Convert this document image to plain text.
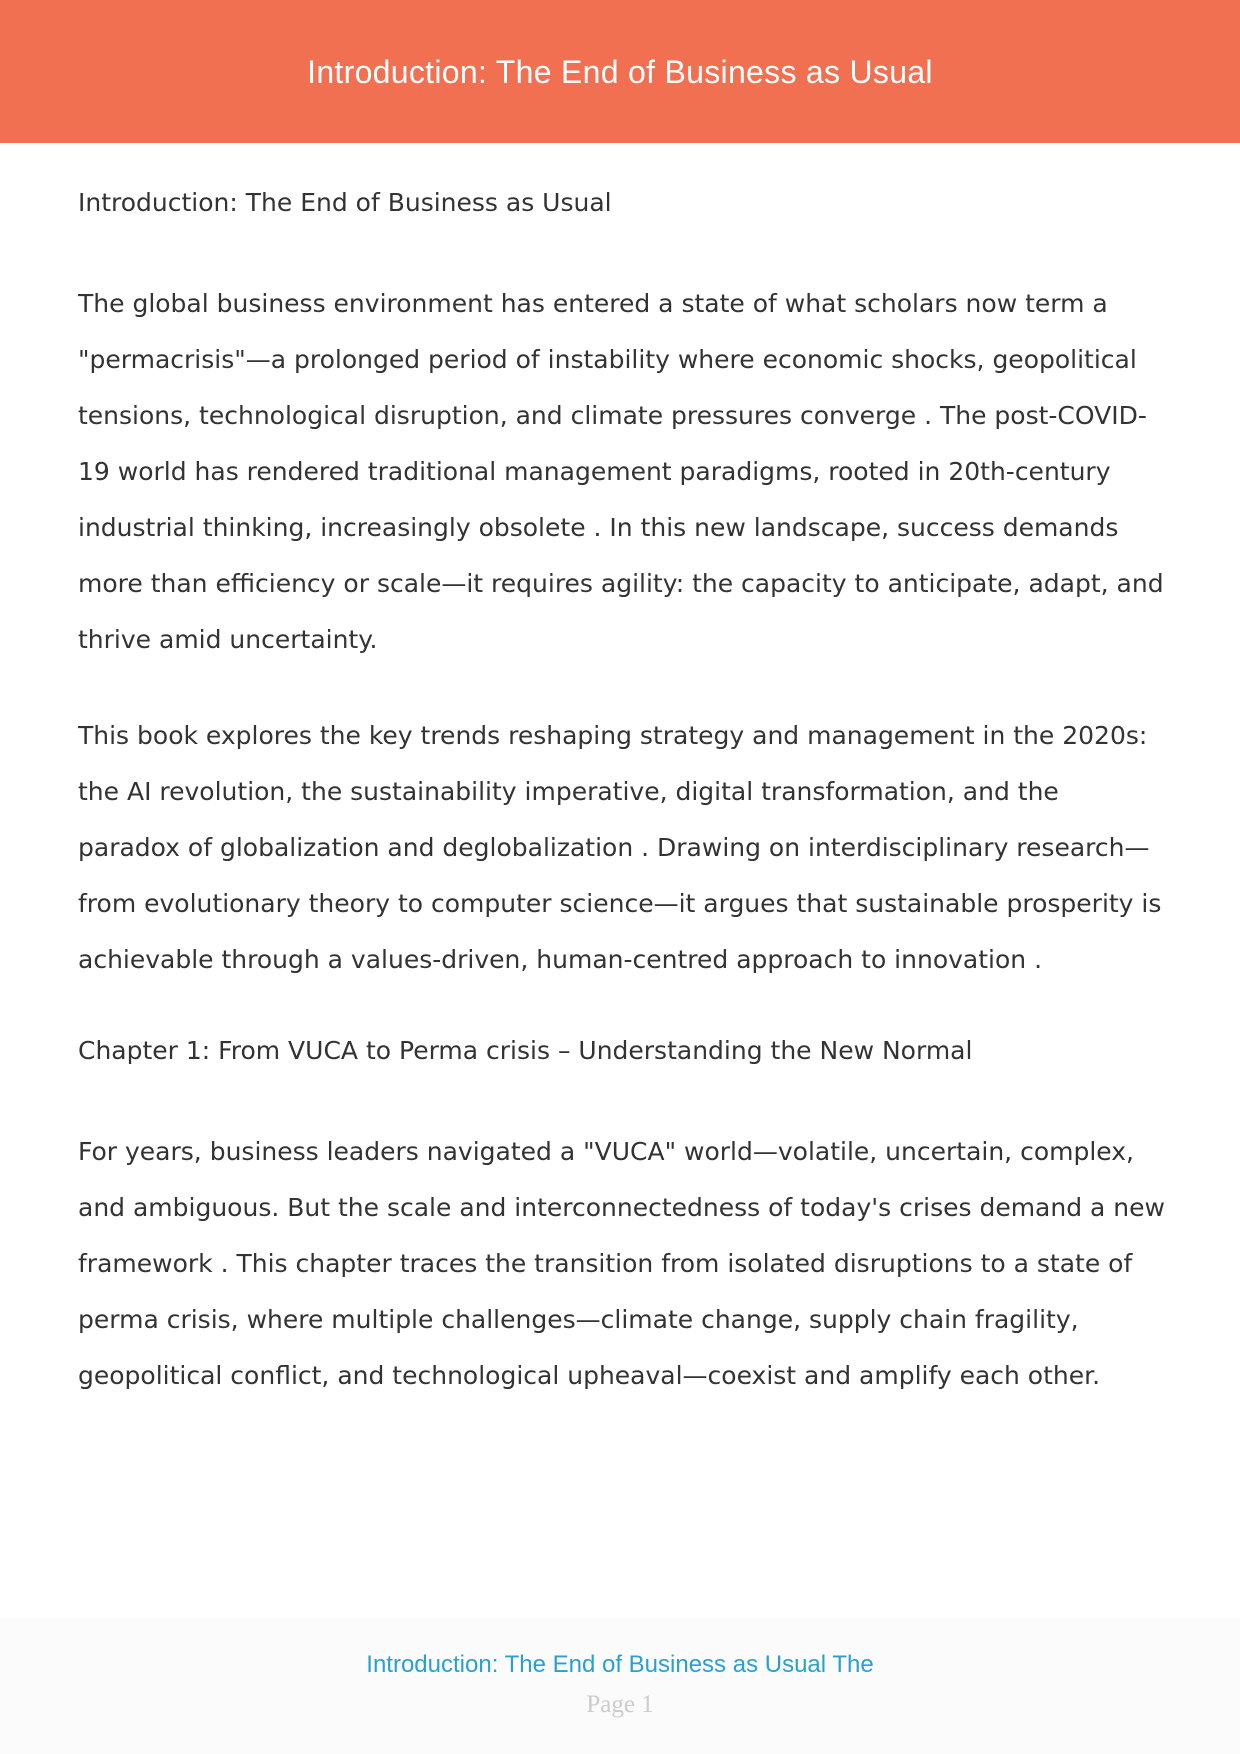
Introduction: The End of Business as Usual
Introduction: The End of Business as Usual

The global business environment has entered a state of what scholars now term a "permacrisis"—a prolonged period of instability where economic shocks, geopolitical tensions, technological disruption, and climate pressures converge . The post-COVID-19 world has rendered traditional management paradigms, rooted in 20th-century industrial thinking, increasingly obsolete . In this new landscape, success demands more than efficiency or scale—it requires agility: the capacity to anticipate, adapt, and thrive amid uncertainty.

This book explores the key trends reshaping strategy and management in the 2020s: the AI revolution, the sustainability imperative, digital transformation, and the paradox of globalization and deglobalization . Drawing on interdisciplinary research—from evolutionary theory to computer science—it argues that sustainable prosperity is achievable through a values-driven, human-centred approach to innovation .

Chapter 1: From VUCA to Perma crisis – Understanding the New Normal

For years, business leaders navigated a "VUCA" world—volatile, uncertain, complex, and ambiguous. But the scale and interconnectedness of today's crises demand a new framework . This chapter traces the transition from isolated disruptions to a state of perma crisis, where multiple challenges—climate change, supply chain fragility, geopolitical conflict, and technological upheaval—coexist and amplify each other.

Introduction: The End of Business as Usual The
Page 1
